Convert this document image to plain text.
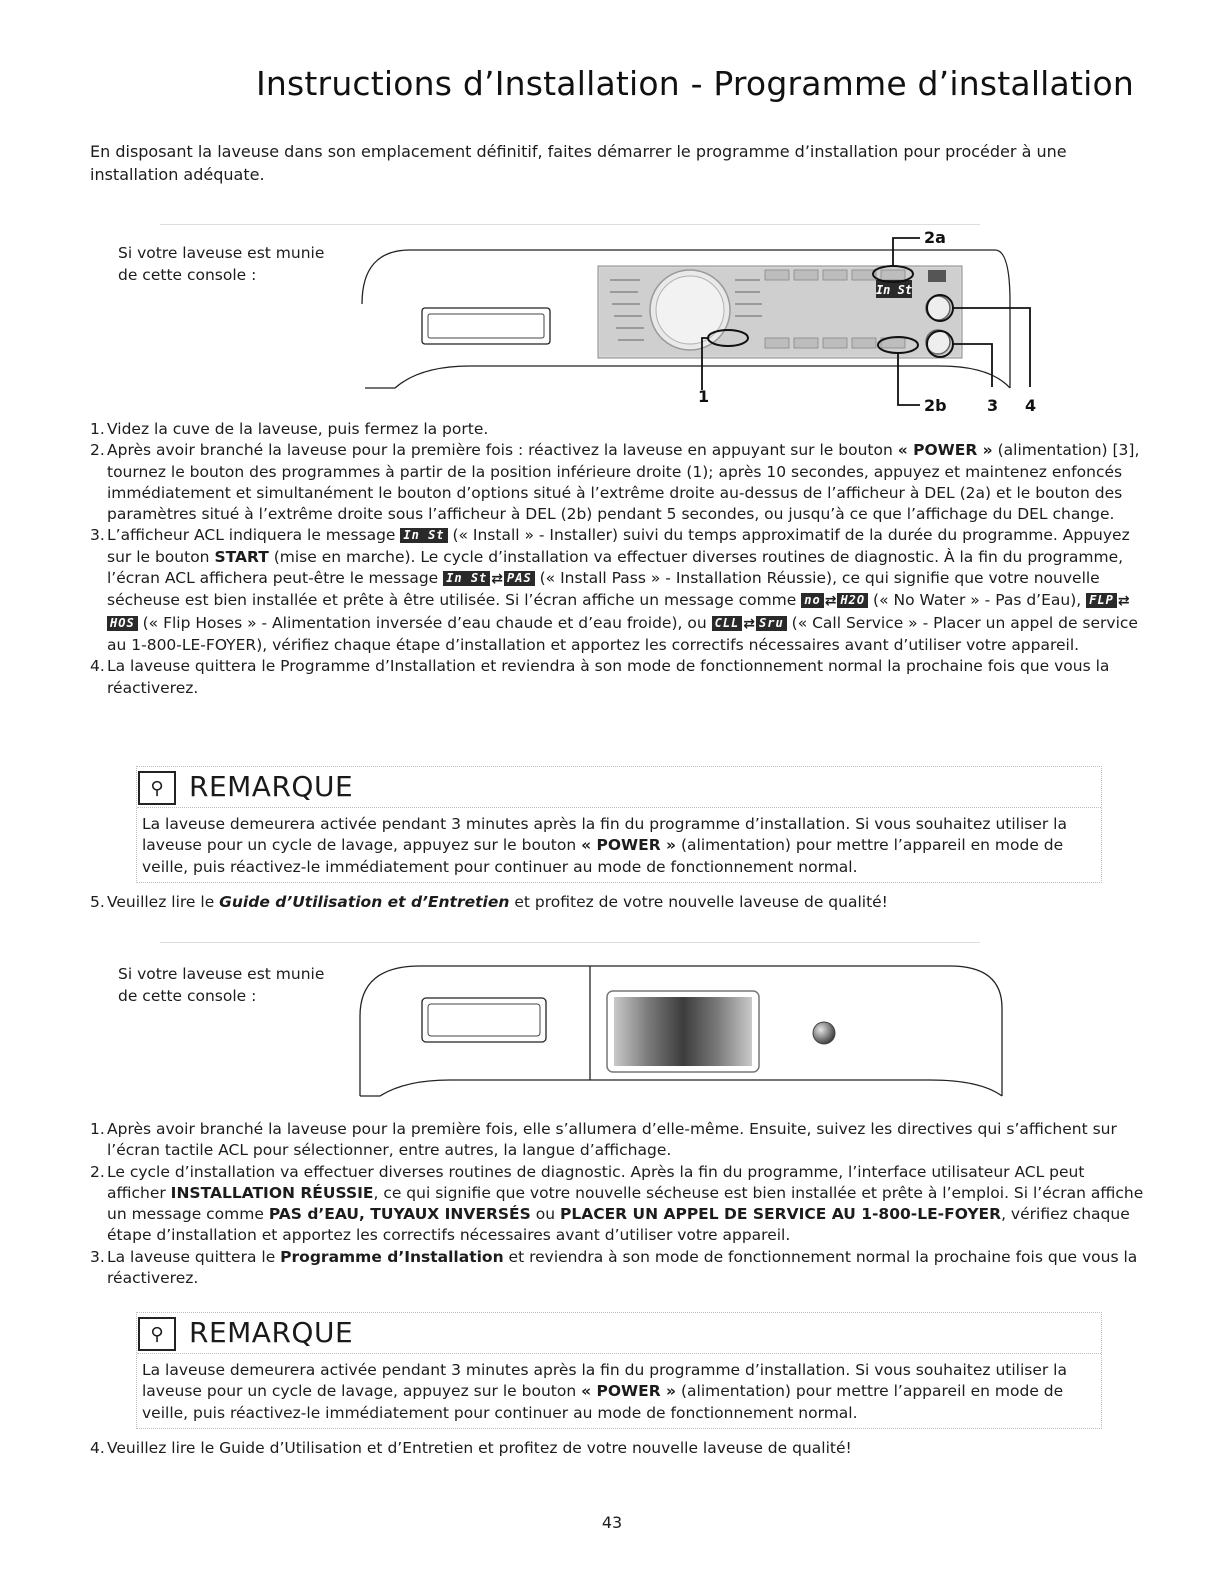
Instructions d’Installation - Programme d’installation
En disposant la laveuse dans son emplacement définitif, faites démarrer le programme d’installation pour procéder à une installation adéquate.
Si votre laveuse est munie de cette console :
In St
2a
2b
1	3 4
1. Videz la cuve de la laveuse, puis fermez la porte.
2. Après avoir branché la laveuse pour la première fois : réactivez la laveuse en appuyant sur le bouton « POWER » (alimentation) [3], tournez le bouton des programmes à partir de la position inférieure droite (1); après 10 secondes, appuyez et maintenez enfoncés immédiatement et simultanément le bouton d’options situé à l’extrême droite au-dessus de l’afficheur à DEL (2a) et le bouton des paramètres situé à l’extrême droite sous l’afficheur à DEL (2b) pendant 5 secondes, ou jusqu’à ce que l’affichage du DEL change.
3. L’afficheur ACL indiquera le message In St (« Install » - Installer) suivi du temps approximatif de la durée du programme. Appuyez sur le bouton START (mise en marche). Le cycle d’installation va effectuer diverses routines de diagnostic. À la fin du programme, l’écran ACL affichera peut-être le message In St ⇄ PAS (« Install Pass » - Installation Réussie), ce qui signifie que votre nouvelle sécheuse est bien installée et prête à être utilisée. Si l’écran affiche un message comme no ⇄ H2O (« No Water » - Pas d’Eau), FLP ⇄HOS (« Flip Hoses » - Alimentation inversée d’eau chaude et d’eau froide), ou CLL ⇄ Sru (« Call Service » - Placer un appel de service au 1-800-LE-FOYER), vérifiez chaque étape d’installation et apportez les correctifs nécessaires avant d’utiliser votre appareil.
4. La laveuse quittera le Programme d’Installation et reviendra à son mode de fonctionnement normal la prochaine fois que vous la réactiverez.
⚲ REMARQUE
La laveuse demeurera activée pendant 3 minutes après la fin du programme d’installation. Si vous souhaitez utiliser la laveuse pour un cycle de lavage, appuyez sur le bouton « POWER » (alimentation) pour mettre l’appareil en mode de veille, puis réactivez-le immédiatement pour continuer au mode de fonctionnement normal.
5. Veuillez lire le Guide d’Utilisation et d’Entretien et profitez de votre nouvelle laveuse de qualité!
Si votre laveuse est munie de cette console :
1. Après avoir branché la laveuse pour la première fois, elle s’allumera d’elle-même. Ensuite, suivez les directives qui s’affichent sur l’écran tactile ACL pour sélectionner, entre autres, la langue d’affichage.
2. Le cycle d’installation va effectuer diverses routines de diagnostic. Après la fin du programme, l’interface utilisateur ACL peut afficher INSTALLATION RÉUSSIE, ce qui signifie que votre nouvelle sécheuse est bien installée et prête à l’emploi. Si l’écran affiche un message comme PAS d’EAU, TUYAUX INVERSÉS ou PLACER UN APPEL DE SERVICE AU 1-800-LE-FOYER, vérifiez chaque étape d’installation et apportez les correctifs nécessaires avant d’utiliser votre appareil.
3. La laveuse quittera le Programme d’Installation et reviendra à son mode de fonctionnement normal la prochaine fois que vous la réactiverez.
⚲ REMARQUE
La laveuse demeurera activée pendant 3 minutes après la fin du programme d’installation. Si vous souhaitez utiliser la laveuse pour un cycle de lavage, appuyez sur le bouton « POWER » (alimentation) pour mettre l’appareil en mode de veille, puis réactivez-le immédiatement pour continuer au mode de fonctionnement normal.
4. Veuillez lire le Guide d’Utilisation et d’Entretien et profitez de votre nouvelle laveuse de qualité!
43
